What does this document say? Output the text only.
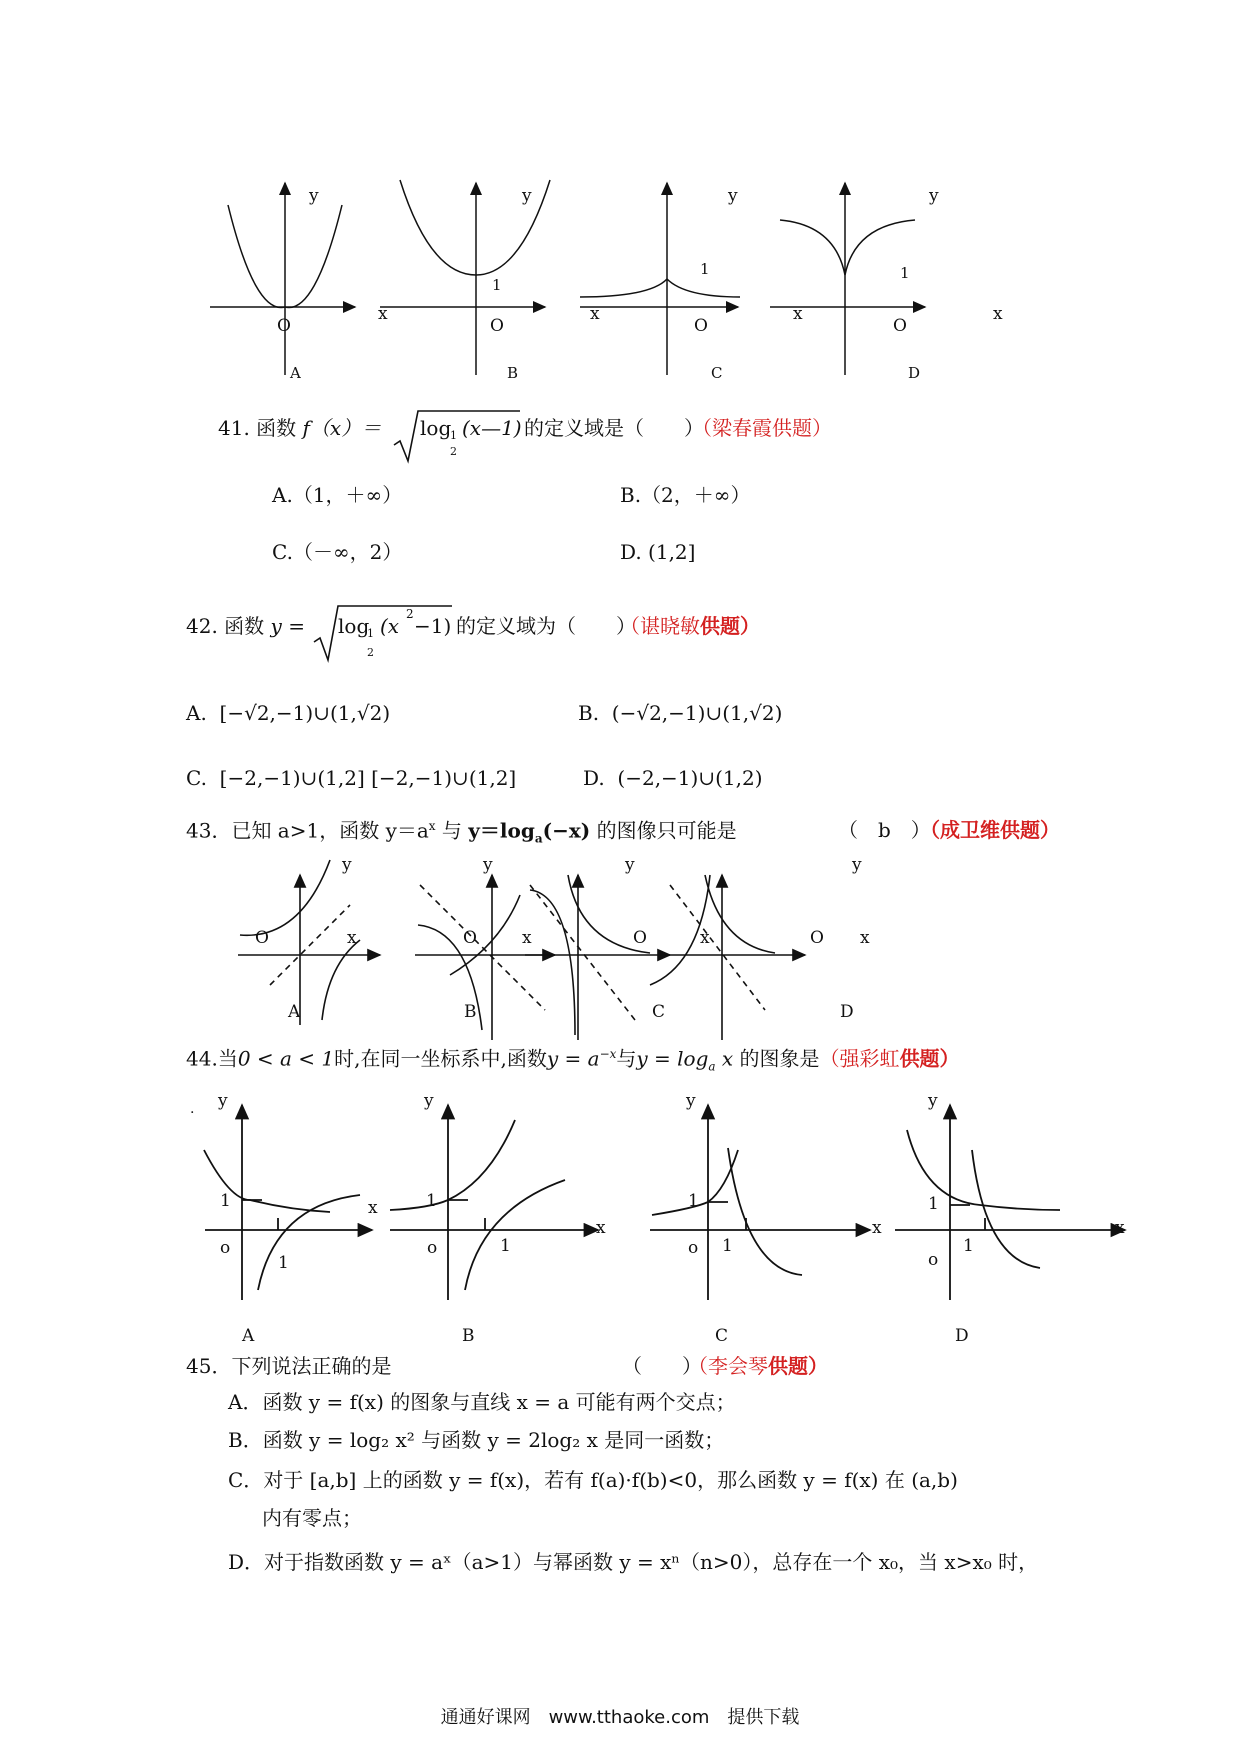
y
x
O
A
y
x
O
1
B
y
x
O
1
C
y
x
O
1
D
41. 函数 f（x）＝ log
1
2
(x—1) 的定义域是（　　）
（梁春霞供题）
A.（1，＋∞）	B.（2，＋∞）
C.（－∞，2）	D. (1,2]
42. 函数 y = log
1
2
(x 2 −1) 的定义域为（　　）
（谌晓敏供题）
A. [−√2,−1)∪(1,√2)	B. (−√2,−1)∪(1,√2)
C. [−2,−1)∪(1,2] [−2,−1)∪(1,2]	D. (−2,−1)∪(1,2)
43．已知 a>1，函数 $y=a^x$ 与 $y=\log_a(-x)$ 的图像只可能是	（　b　）
（成卫维供题）
y
O	x
A
y
O	x
B
y
O	x
C
y
O x
D
44.当0 < a < 1时,在同一坐标系中,函数$y = a^{-x}$与$y = \log_a x$ 的图象是（强彩虹供题）
. y
x
1
o
1
A
y
x
1
o	1
B
y
x
1
o 1
C
y
x
1
o
1
D
45．下列说法正确的是	（　　）
（李会琴供题）
A．函数 y = f(x) 的图象与直线 x = a 可能有两个交点；
B．函数 y = log₂ x² 与函数 y = 2log₂ x 是同一函数；
C．对于 [a,b] 上的函数 y = f(x)，若有 f(a)·f(b)<0，那么函数 y = f(x) 在 (a,b)
内有零点；
D．对于指数函数 y = aˣ（a>1）与幂函数 y = xⁿ（n>0），总存在一个 x₀，当 x>x₀ 时，
通通好课网　www.tthaoke.com　提供下载
